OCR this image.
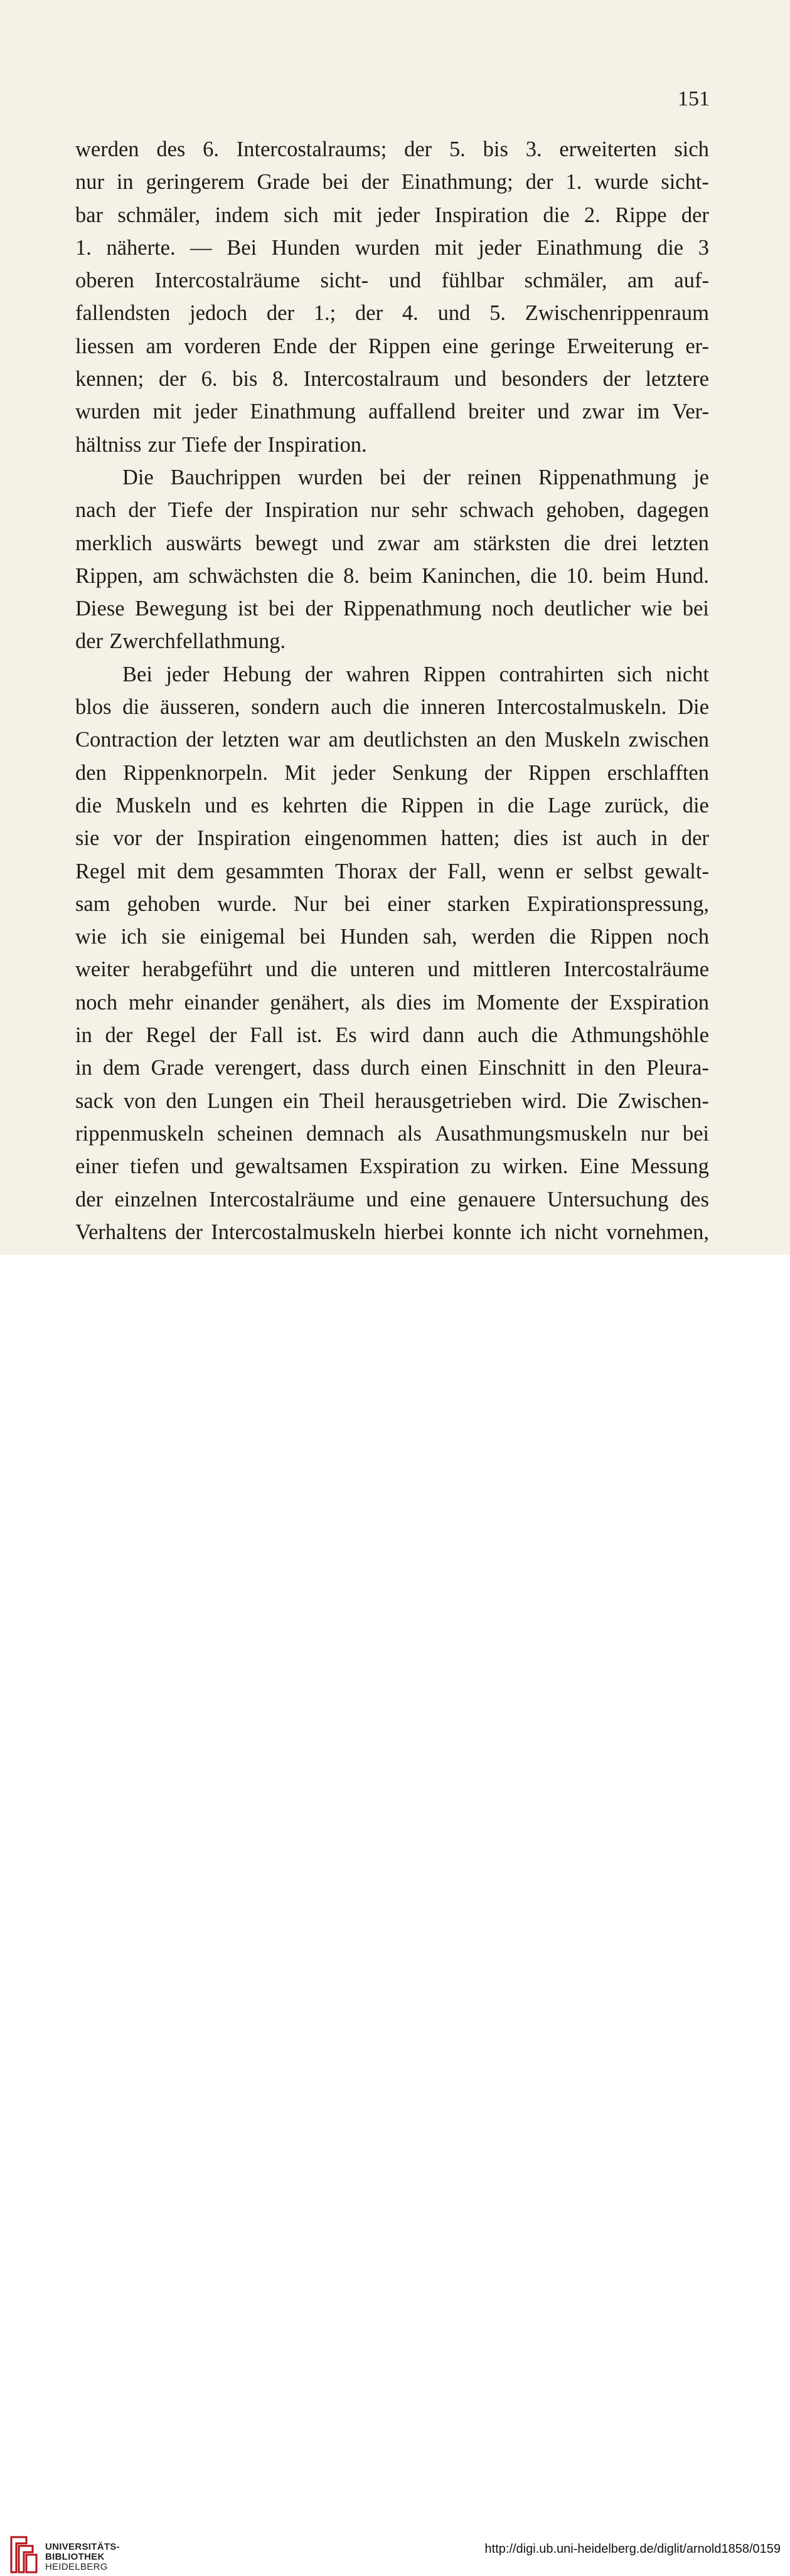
151
werden des 6. Intercostalraums; der 5. bis 3. erweiterten sich
nur in geringerem Grade bei der Einathmung; der 1. wurde sicht-
bar schmäler, indem sich mit jeder Inspiration die 2. Rippe der
1. näherte. — Bei Hunden wurden mit jeder Einathmung die 3
oberen Intercostalräume sicht- und fühlbar schmäler, am auf-
fallendsten jedoch der 1.; der 4. und 5. Zwischenrippenraum
liessen am vorderen Ende der Rippen eine geringe Erweiterung er-
kennen; der 6. bis 8. Intercostalraum und besonders der letztere
wurden mit jeder Einathmung auffallend breiter und zwar im Ver-
hältniss zur Tiefe der Inspiration.
Die Bauchrippen wurden bei der reinen Rippenathmung je
nach der Tiefe der Inspiration nur sehr schwach gehoben, dagegen
merklich auswärts bewegt und zwar am stärksten die drei letzten
Rippen, am schwächsten die 8. beim Kaninchen, die 10. beim Hund.
Diese Bewegung ist bei der Rippenathmung noch deutlicher wie bei
der Zwerchfellathmung.
Bei jeder Hebung der wahren Rippen contrahirten sich nicht
blos die äusseren, sondern auch die inneren Intercostalmuskeln. Die
Contraction der letzten war am deutlichsten an den Muskeln zwischen
den Rippenknorpeln. Mit jeder Senkung der Rippen erschlafften
die Muskeln und es kehrten die Rippen in die Lage zurück, die
sie vor der Inspiration eingenommen hatten; dies ist auch in der
Regel mit dem gesammten Thorax der Fall, wenn er selbst gewalt-
sam gehoben wurde. Nur bei einer starken Expirationspressung,
wie ich sie einigemal bei Hunden sah, werden die Rippen noch
weiter herabgeführt und die unteren und mittleren Intercostalräume
noch mehr einander genähert, als dies im Momente der Exspiration
in der Regel der Fall ist. Es wird dann auch die Athmungshöhle
in dem Grade verengert, dass durch einen Einschnitt in den Pleura-
sack von den Lungen ein Theil herausgetrieben wird. Die Zwischen-
rippenmuskeln scheinen demnach als Ausathmungsmuskeln nur bei
einer tiefen und gewaltsamen Exspiration zu wirken. Eine Messung
der einzelnen Intercostalräume und eine genauere Untersuchung des
Verhaltens der Intercostalmuskeln hierbei konnte ich nicht vornehmen,
UNIVERSITÄTS-
BIBLIOTHEK
HEIDELBERG
http://digi.ub.uni-heidelberg.de/diglit/arnold1858/0159
